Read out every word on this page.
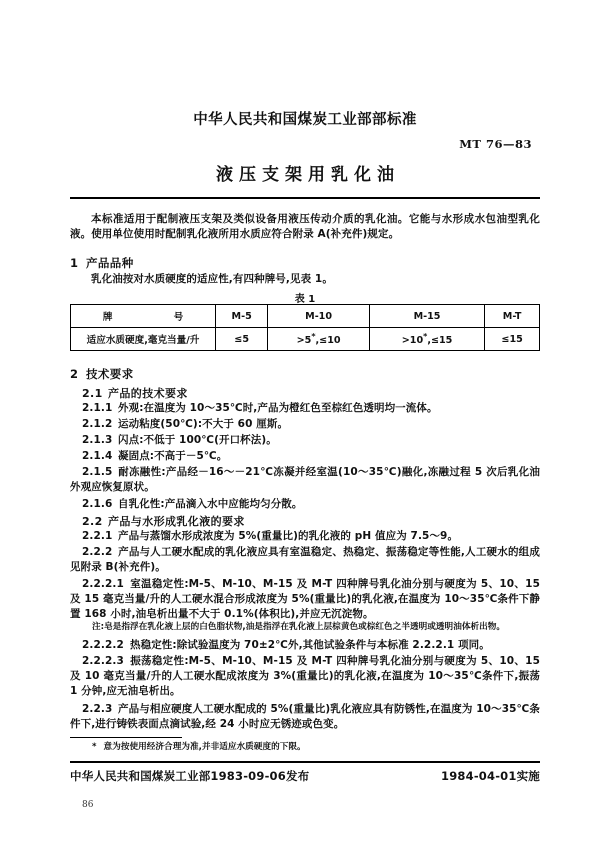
中华人民共和国煤炭工业部部标准
MT 76—83
液压支架用乳化油
本标准适用于配制液压支架及类似设备用液压传动介质的乳化油。它能与水形成水包油型乳化液。使用单位使用时配制乳化液所用水质应符合附录 A(补充件)规定。
1 产品品种
乳化油按对水质硬度的适应性,有四种牌号,见表 1。
表 1
牌　　号	M-5	M-10	M-15	M-T
适应水质硬度,毫克当量/升	≤5	>5*,≤10	>10*,≤15	≤15
2 技术要求
2.1 产品的技术要求
2.1.1 外观:在温度为 10～35℃时,产品为橙红色至棕红色透明均一流体。
2.1.2 运动粘度(50℃):不大于 60 厘斯。
2.1.3 闪点:不低于 100℃(开口杯法)。
2.1.4 凝固点:不高于－5℃。
2.1.5 耐冻融性:产品经－16～－21℃冻凝并经室温(10～35℃)融化,冻融过程 5 次后乳化油外观应恢复原状。
2.1.6 自乳化性:产品滴入水中应能均匀分散。
2.2 产品与水形成乳化液的要求
2.2.1 产品与蒸馏水形成浓度为 5%(重量比)的乳化液的 pH 值应为 7.5～9。
2.2.2 产品与人工硬水配成的乳化液应具有室温稳定、热稳定、振荡稳定等性能,人工硬水的组成见附录 B(补充件)。
2.2.2.1 室温稳定性:M-5、M-10、M-15 及 M-T 四种牌号乳化油分别与硬度为 5、10、15 及 15 毫克当量/升的人工硬水混合形成浓度为 5%(重量比)的乳化液,在温度为 10～35℃条件下静置 168 小时,油皂析出量不大于 0.1%(体积比),并应无沉淀物。
注:皂是指浮在乳化液上层的白色脂状物,油是指浮在乳化液上层棕黄色或棕红色之半透明或透明油体析出物。
2.2.2.2 热稳定性:除试验温度为 70±2℃外,其他试验条件与本标准 2.2.2.1 项同。
2.2.2.3 振荡稳定性:M-5、M-10、M-15 及 M-T 四种牌号乳化油分别与硬度为 5、10、15 及 10 毫克当量/升的人工硬水配成浓度为 3%(重量比)的乳化液,在温度为 10～35℃条件下,振荡 1 分钟,应无油皂析出。
2.2.3 产品与相应硬度人工硬水配成的 5%(重量比)乳化液应具有防锈性,在温度为 10～35℃条件下,进行铸铁表面点滴试验,经 24 小时应无锈迹或色变。
* 意为按使用经济合理为准,并非适应水质硬度的下限。
中华人民共和国煤炭工业部1983-09-06发布	1984-04-01实施
86
